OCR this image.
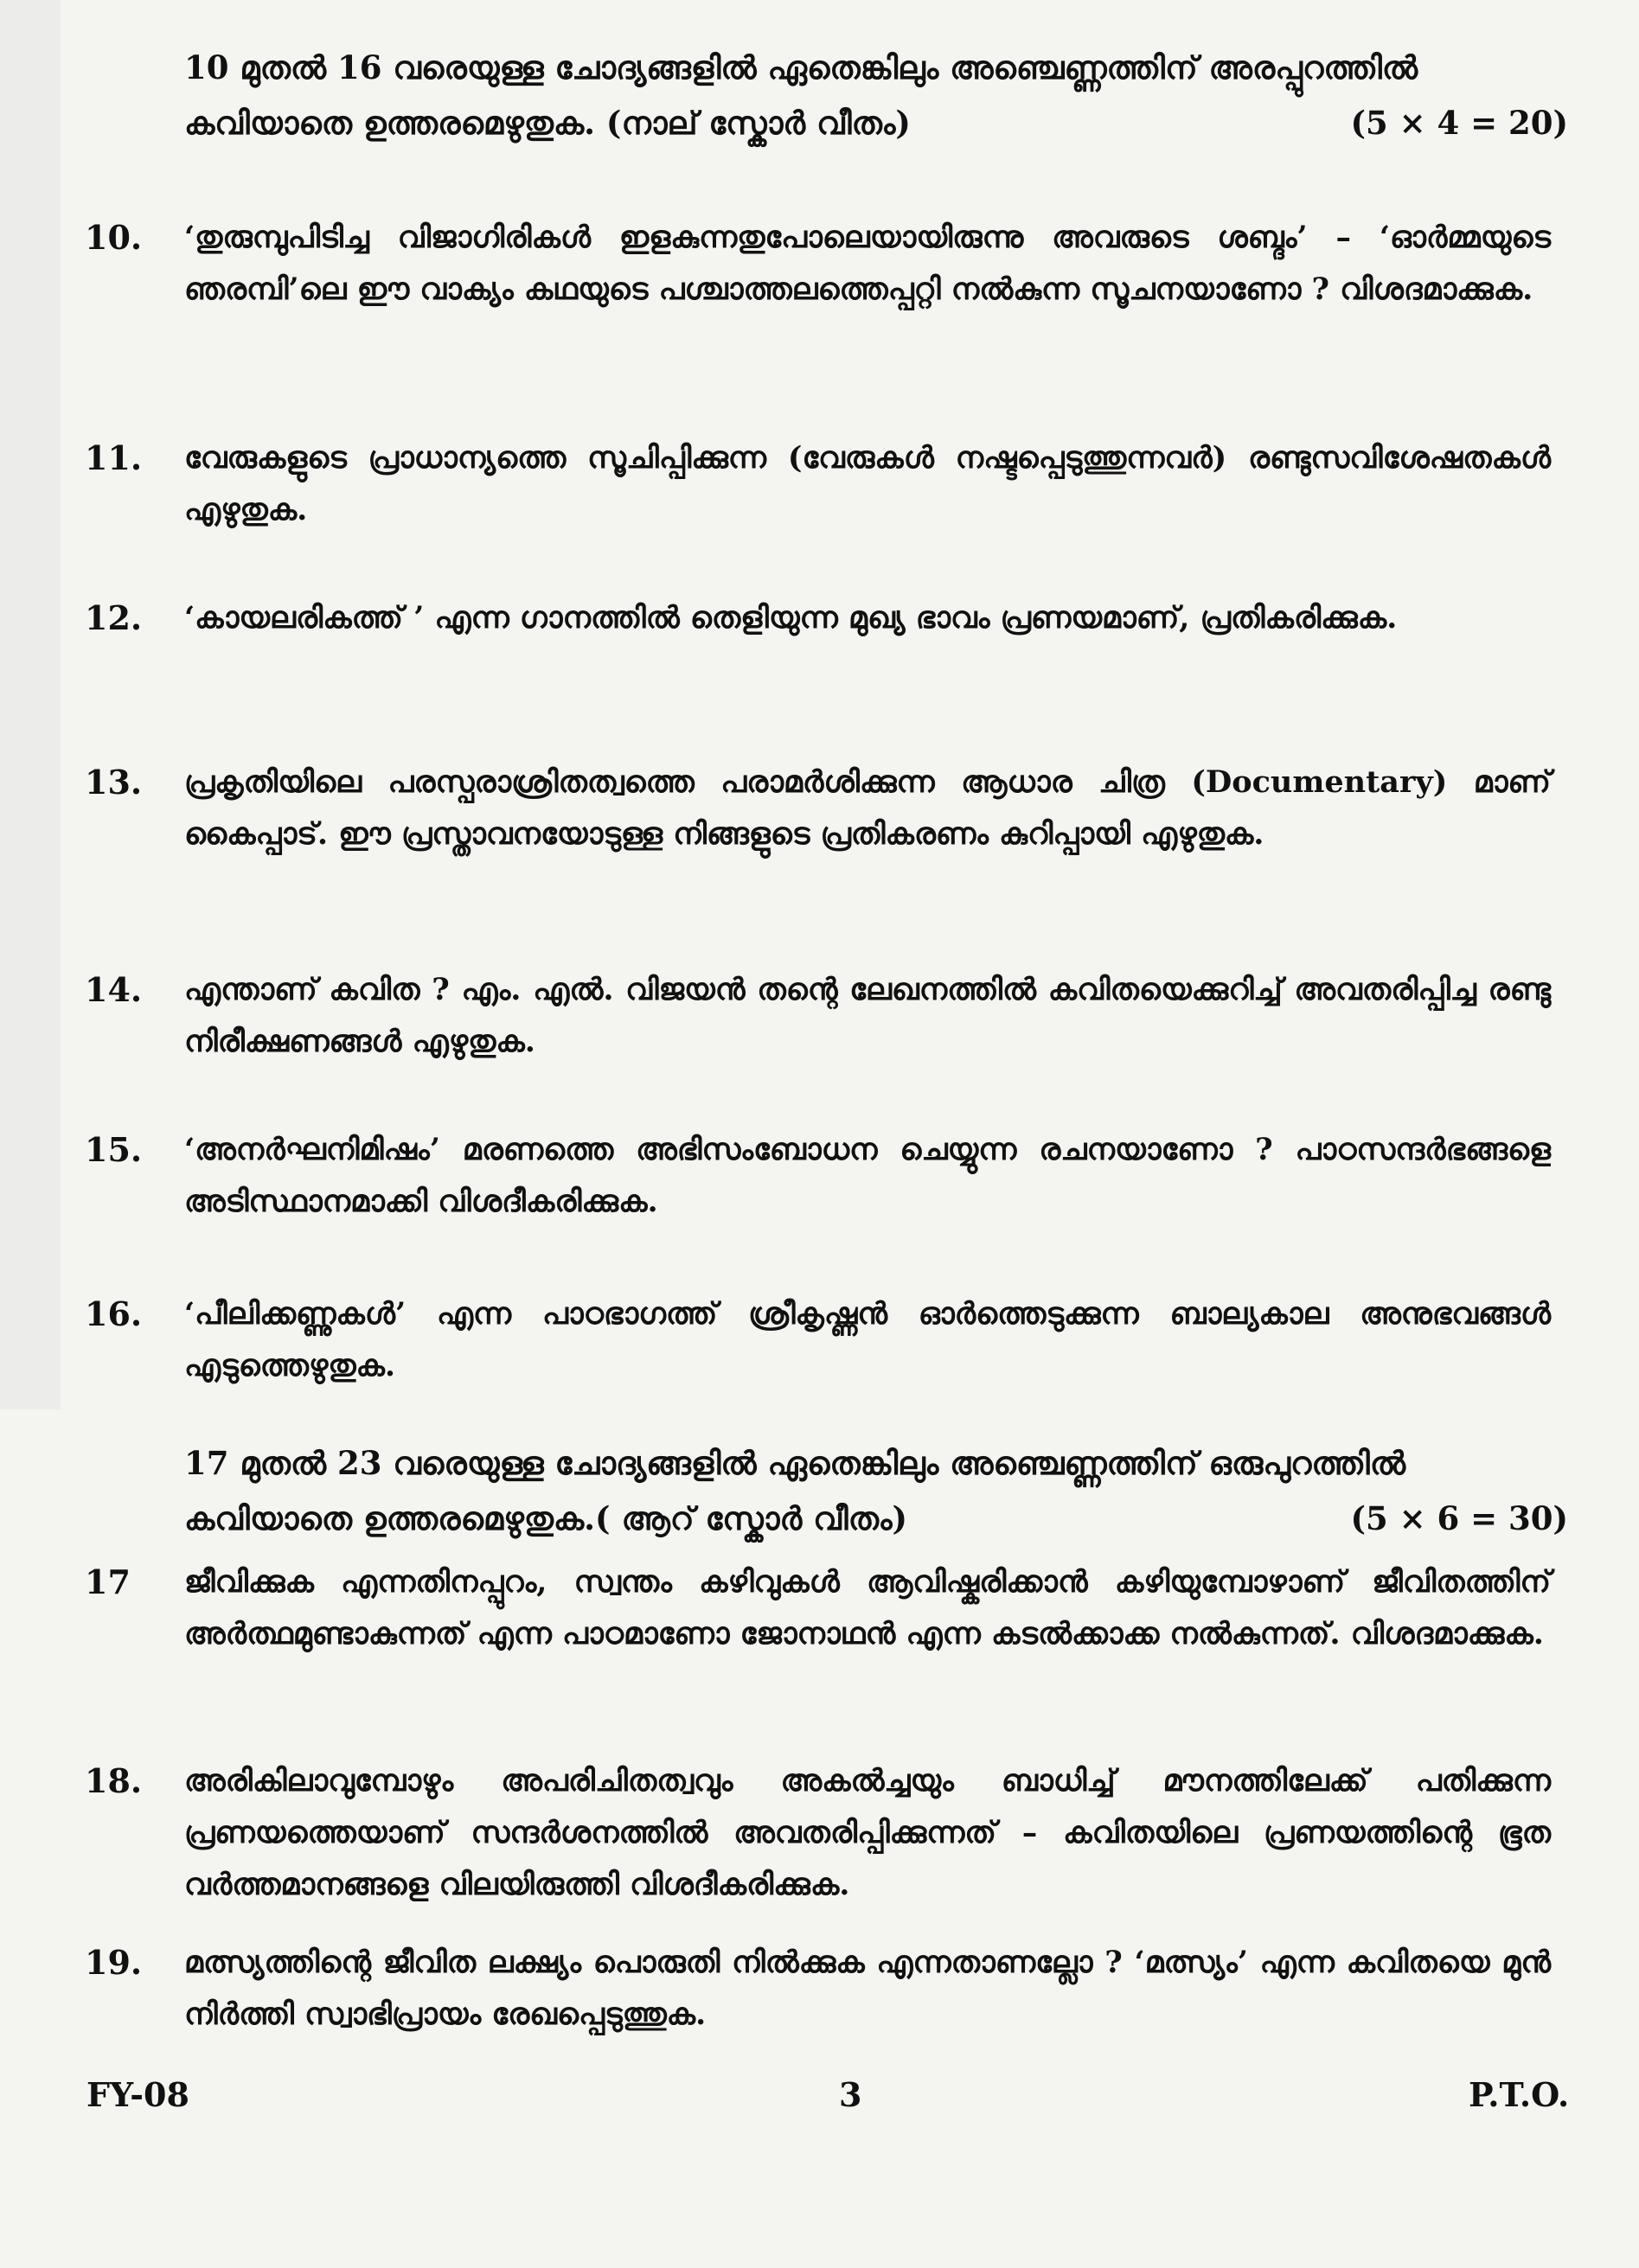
10 മുതൽ 16 വരെയുള്ള ചോദ്യങ്ങളിൽ ഏതെങ്കിലും അഞ്ചെണ്ണത്തിന് അരപ്പുറത്തിൽ
കവിയാതെ ഉത്തരമെഴുതുക. (നാല് സ്കോർ വീതം)	(5 × 4 = 20)
10. ‘തുരുമ്പുപിടിച്ച വിജാഗിരികൾ ഇളകുന്നതുപോലെയായിരുന്നു അവരുടെ ശബ്ദം’ – ‘ഓർമ്മയുടെ ഞരമ്പി’ലെ ഈ വാക്യം കഥയുടെ പശ്ചാത്തലത്തെപ്പറ്റി നൽകുന്ന സൂചനയാണോ ? വിശദമാക്കുക.
11. വേരുകളുടെ പ്രാധാന്യത്തെ സൂചിപ്പിക്കുന്ന (വേരുകൾ നഷ്ടപ്പെടുത്തുന്നവർ) രണ്ടുസവിശേഷതകൾ എഴുതുക.
12. ‘കായലരികത്ത് ’ എന്ന ഗാനത്തിൽ തെളിയുന്ന മുഖ്യ ഭാവം പ്രണയമാണ്, പ്രതികരിക്കുക.
13. പ്രകൃതിയിലെ പരസ്പരാശ്രിതത്വത്തെ പരാമർശിക്കുന്ന ആധാര ചിത്ര (Documentary) മാണ് കൈപ്പാട്. ഈ പ്രസ്താവനയോടുള്ള നിങ്ങളുടെ പ്രതികരണം കുറിപ്പായി എഴുതുക.
14. എന്താണ് കവിത ? എം. എൽ. വിജയൻ തന്റെ ലേഖനത്തിൽ കവിതയെക്കുറിച്ച് അവതരിപ്പിച്ച രണ്ടു നിരീക്ഷണങ്ങൾ എഴുതുക.
15. ‘അനർഘനിമിഷം’ മരണത്തെ അഭിസംബോധന ചെയ്യുന്ന രചനയാണോ ? പാഠസന്ദർഭങ്ങളെ അടിസ്ഥാനമാക്കി വിശദീകരിക്കുക.
16. ‘പീലിക്കണ്ണുകൾ’ എന്ന പാഠഭാഗത്ത് ശ്രീകൃഷ്ണൻ ഓർത്തെടുക്കുന്ന ബാല്യകാല അനുഭവങ്ങൾ എടുത്തെഴുതുക.
17 മുതൽ 23 വരെയുള്ള ചോദ്യങ്ങളിൽ ഏതെങ്കിലും അഞ്ചെണ്ണത്തിന് ഒരുപുറത്തിൽ
കവിയാതെ ഉത്തരമെഴുതുക.( ആറ് സ്കോർ വീതം)	(5 × 6 = 30)
17 ജീവിക്കുക എന്നതിനപ്പുറം, സ്വന്തം കഴിവുകൾ ആവിഷ്കരിക്കാൻ കഴിയുമ്പോഴാണ് ജീവിതത്തിന് അർത്ഥമുണ്ടാകുന്നത് എന്ന പാഠമാണോ ജോനാഥൻ എന്ന കടൽക്കാക്ക നൽകുന്നത്. വിശദമാക്കുക.
18. അരികിലാവുമ്പോഴും അപരിചിതത്വവും അകൽച്ചയും ബാധിച്ച് മൗനത്തിലേക്ക് പതിക്കുന്ന പ്രണയത്തെയാണ് സന്ദർശനത്തിൽ അവതരിപ്പിക്കുന്നത് – കവിതയിലെ പ്രണയത്തിന്റെ ഭൂത വർത്തമാനങ്ങളെ വിലയിരുത്തി വിശദീകരിക്കുക.
19. മത്സ്യത്തിന്റെ ജീവിത ലക്ഷ്യം പൊരുതി നിൽക്കുക എന്നതാണല്ലോ ? ‘മത്സ്യം’ എന്ന കവിതയെ മുൻ നിർത്തി സ്വാഭിപ്രായം രേഖപ്പെടുത്തുക.
FY-08	3	P.T.O.
